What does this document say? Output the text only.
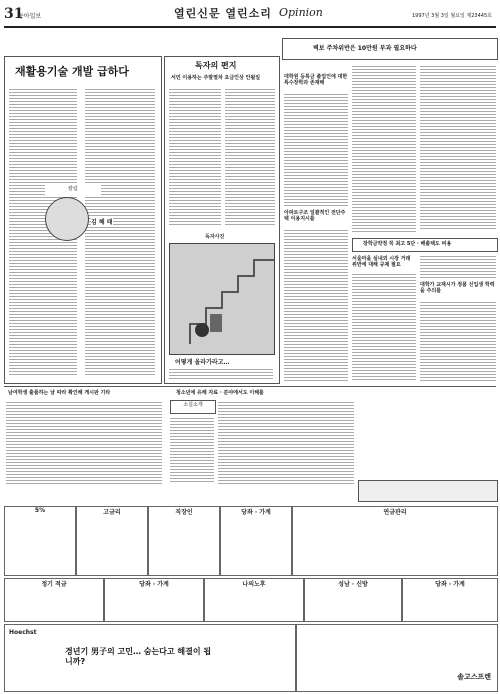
31
동아일보	열린신문 열린소리 Opinion	1997년 3월 3일 월요일 제23445호
재활용기술 개발 급하다
칼럼
김 혜 태
독자의 편지
서민 이용하는 주말열차 요금인상 안될일
독자사진
어떻게 올라가라고…
벽보 주차위반은 10만원 부과 필요하다
대학원 등록금 졸업인에 대한 특수장학과 존재해
장학금약정 꼭 최고 5단 · 배출택도 비용
아파트구조 일괄적인 전단주택 이용지시를
서울마을 실내외 시장 거래 위반에 대해 규제 필요
대학가 교재시가 정품 신입생 학력을 주의를
남여학생 출품하는 날 따라 확인해 게시판 기타	청소년에 유해 자료 · 분야에서도 이해를
소설소개
5%	고금리	직장인	당좌 · 가계	연금관리
정기 적금	당좌 · 가계	나의노후	성남 · 신방	당좌 · 가계
Hoechst
경년기 男子의 고민… 숨는다고 해결이 됩니까?
솔고스프렌
